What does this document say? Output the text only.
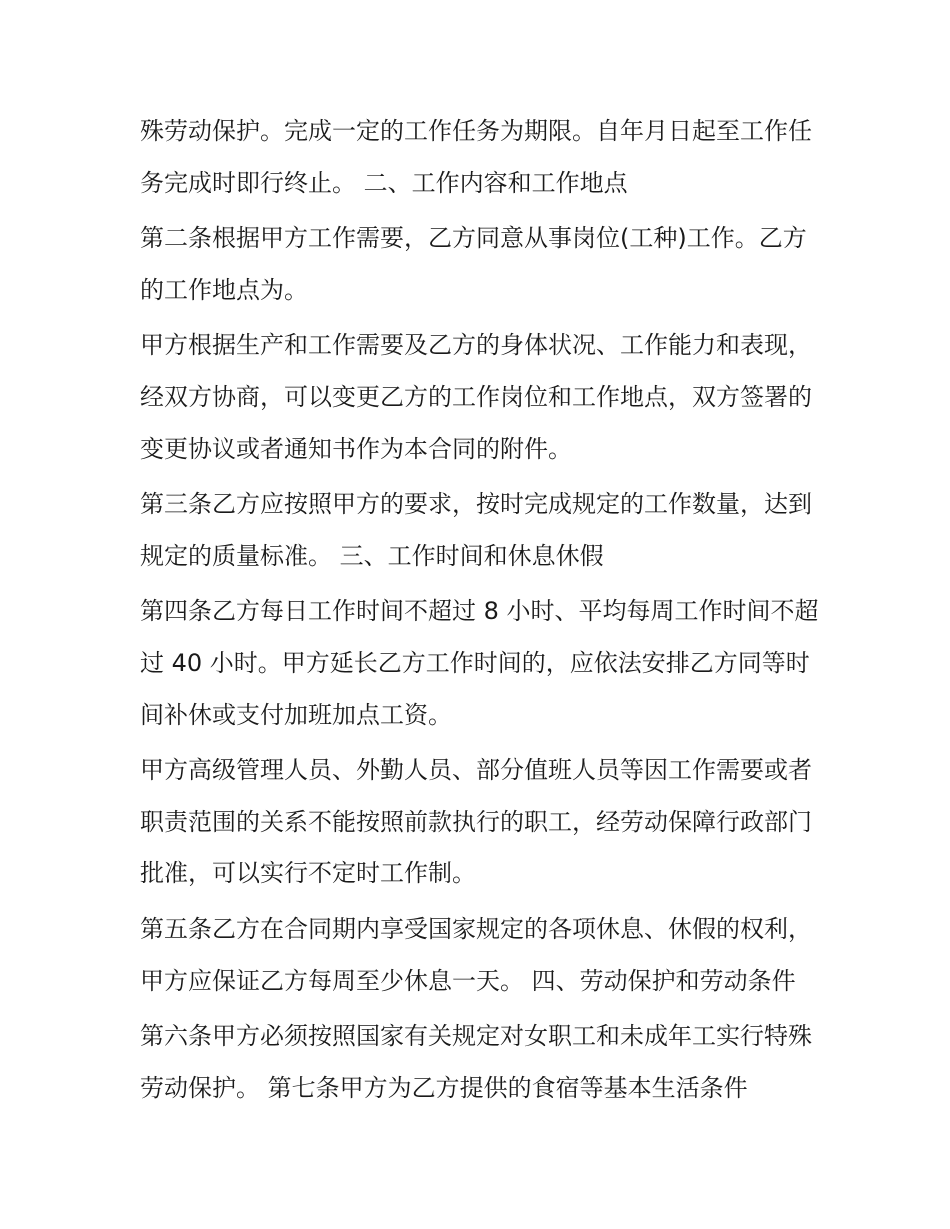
殊劳动保护。完成一定的工作任务为期限。自年月日起至工作任务完成时即行终止。 二、工作内容和工作地点

第二条根据甲方工作需要，乙方同意从事岗位(工种)工作。乙方的工作地点为。

甲方根据生产和工作需要及乙方的身体状况、工作能力和表现，经双方协商，可以变更乙方的工作岗位和工作地点，双方签署的变更协议或者通知书作为本合同的附件。

第三条乙方应按照甲方的要求，按时完成规定的工作数量，达到规定的质量标准。 三、工作时间和休息休假

第四条乙方每日工作时间不超过 8 小时、平均每周工作时间不超过 40 小时。甲方延长乙方工作时间的，应依法安排乙方同等时间补休或支付加班加点工资。

甲方高级管理人员、外勤人员、部分值班人员等因工作需要或者职责范围的关系不能按照前款执行的职工，经劳动保障行政部门批准，可以实行不定时工作制。

第五条乙方在合同期内享受国家规定的各项休息、休假的权利，甲方应保证乙方每周至少休息一天。 四、劳动保护和劳动条件

第六条甲方必须按照国家有关规定对女职工和未成年工实行特殊劳动保护。 第七条甲方为乙方提供的食宿等基本生活条件
